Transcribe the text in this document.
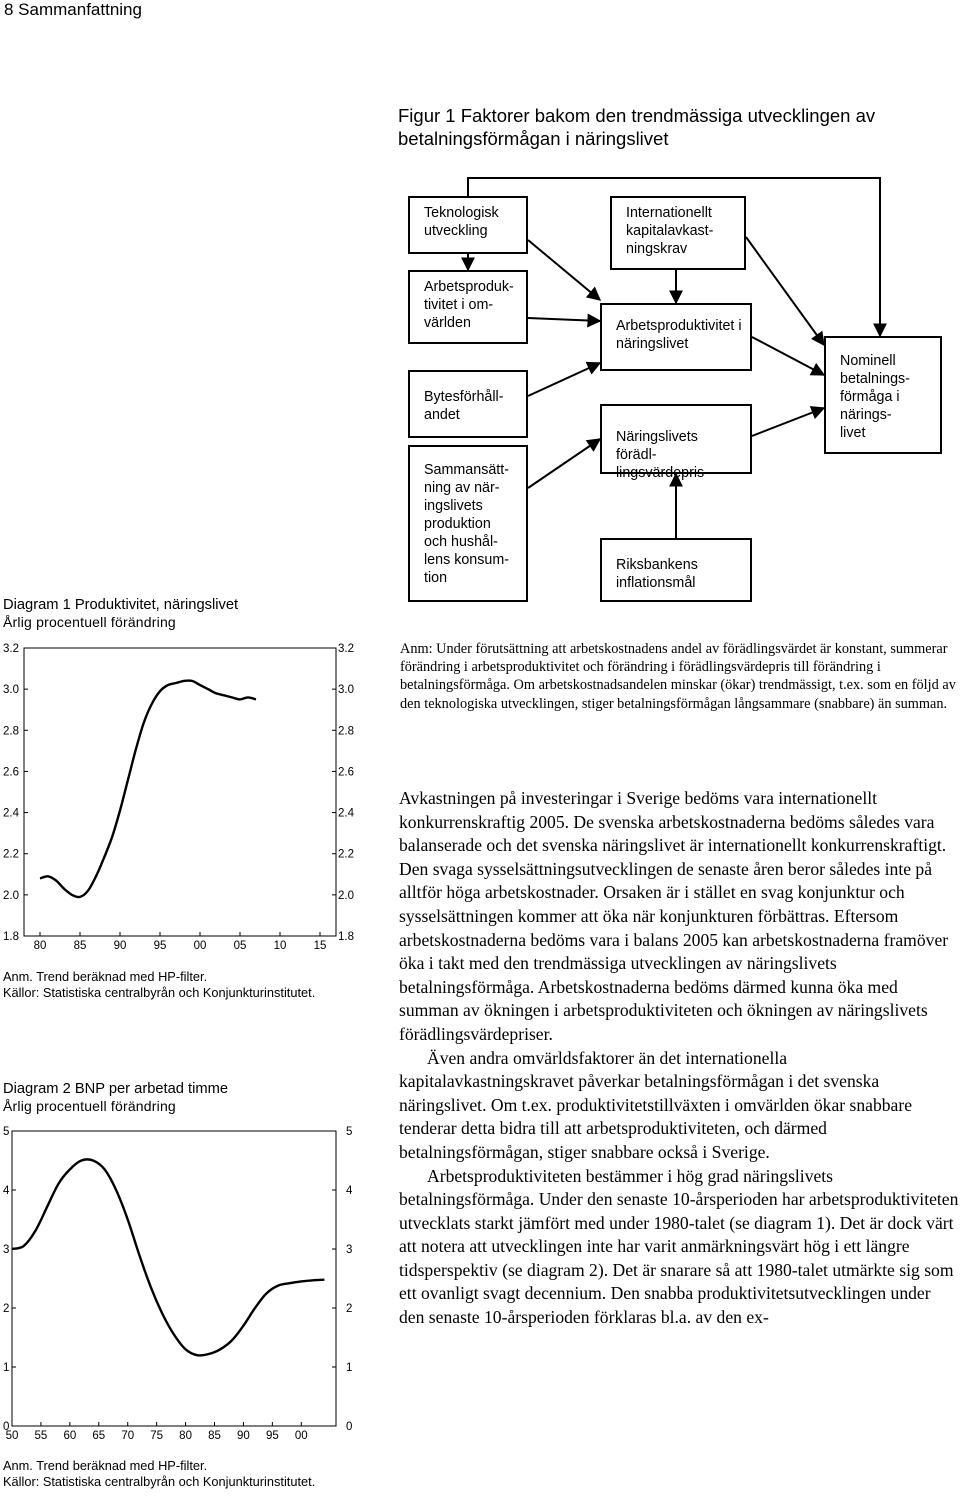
8 Sammanfattning
Figur 1 Faktorer bakom den trendmässiga utvecklingen av betalningsförmågan i näringslivet
Teknologisk
utveckling
Internationellt
kapitalavkast-
ningskrav
Arbetsproduk-
tivitet i om-
världen	Arbetsproduktivitet i
näringslivet
Nominell
betalnings-
förmåga i
närings-
livet
Bytesförhåll-
andet
Näringslivets förädl-
lingsvärdepris
Sammansätt-
ning av när-
ingslivets
produktion
och hushål-
lens konsum-
tion
Riksbankens
inflationsmål
Anm: Under förutsättning att arbetskostnadens andel av förädlingsvärdet är konstant, summerar förändring i arbetsproduktivitet och förändring i förädlingsvärdepris till förändring i betalningsförmåga. Om arbetskostnadsandelen minskar (ökar) trendmässigt, t.ex. som en följd av den teknologiska utvecklingen, stiger betalningsförmågan långsammare (snabbare) än summan.

Avkastningen på investeringar i Sverige bedöms vara internationellt konkurrenskraftig 2005. De svenska arbetskostnaderna bedöms således vara balanserade och det svenska näringslivet är internationellt konkurrenskraftigt. Den svaga sysselsättningsutvecklingen de senaste åren beror således inte på alltför höga arbetskostnader. Orsaken är i stället en svag konjunktur och sysselsättningen kommer att öka när konjunkturen förbättras. Eftersom arbetskostnaderna bedöms vara i balans 2005 kan arbetskostnaderna framöver öka i takt med den trendmässiga utvecklingen av näringslivets betalningsförmåga. Arbetskostnaderna bedöms därmed kunna öka med summan av ökningen i arbetsproduktiviteten och ökningen av näringslivets förädlingsvärdepriser.

Även andra omvärldsfaktorer än det internationella kapitalavkastningskravet påverkar betalningsförmågan i det svenska näringslivet. Om t.ex. produktivitetstillväxten i omvärlden ökar snabbare tenderar detta bidra till att arbetsproduktiviteten, och därmed betalningsförmågan, stiger snabbare också i Sverige.

Arbetsproduktiviteten bestämmer i hög grad näringslivets betalningsförmåga. Under den senaste 10-årsperioden har arbetsproduktiviteten utvecklats starkt jämfört med under 1980-talet (se diagram 1). Det är dock värt att notera att utvecklingen inte har varit anmärkningsvärt hög i ett längre tidsperspektiv (se diagram 2). Det är snarare så att 1980-talet utmärkte sig som ett ovanligt svagt decennium. Den snabba produktivitetsutvecklingen under den senaste 10-årsperioden förklaras bl.a. av den ex-

Diagram 1 Produktivitet, näringslivet
Årlig procentuell förändring
3.2	3.2
3.0	3.0
2.8	2.8
2.6	2.6
2.4	2.4
2.2	2.2
2.0	2.0
1.8	1.8
80 85 90 95 00 05 10 15
Anm. Trend beräknad med HP-filter.
Källor: Statistiska centralbyrån och Konjunkturinstitutet.
Diagram 2 BNP per arbetad timme
Årlig procentuell förändring
5	5
4	4
3	3
2	2
1	1
0	0
50 55 60 65 70 75 80 85 90 95 00
Anm. Trend beräknad med HP-filter.
Källor: Statistiska centralbyrån och Konjunkturinstitutet.
